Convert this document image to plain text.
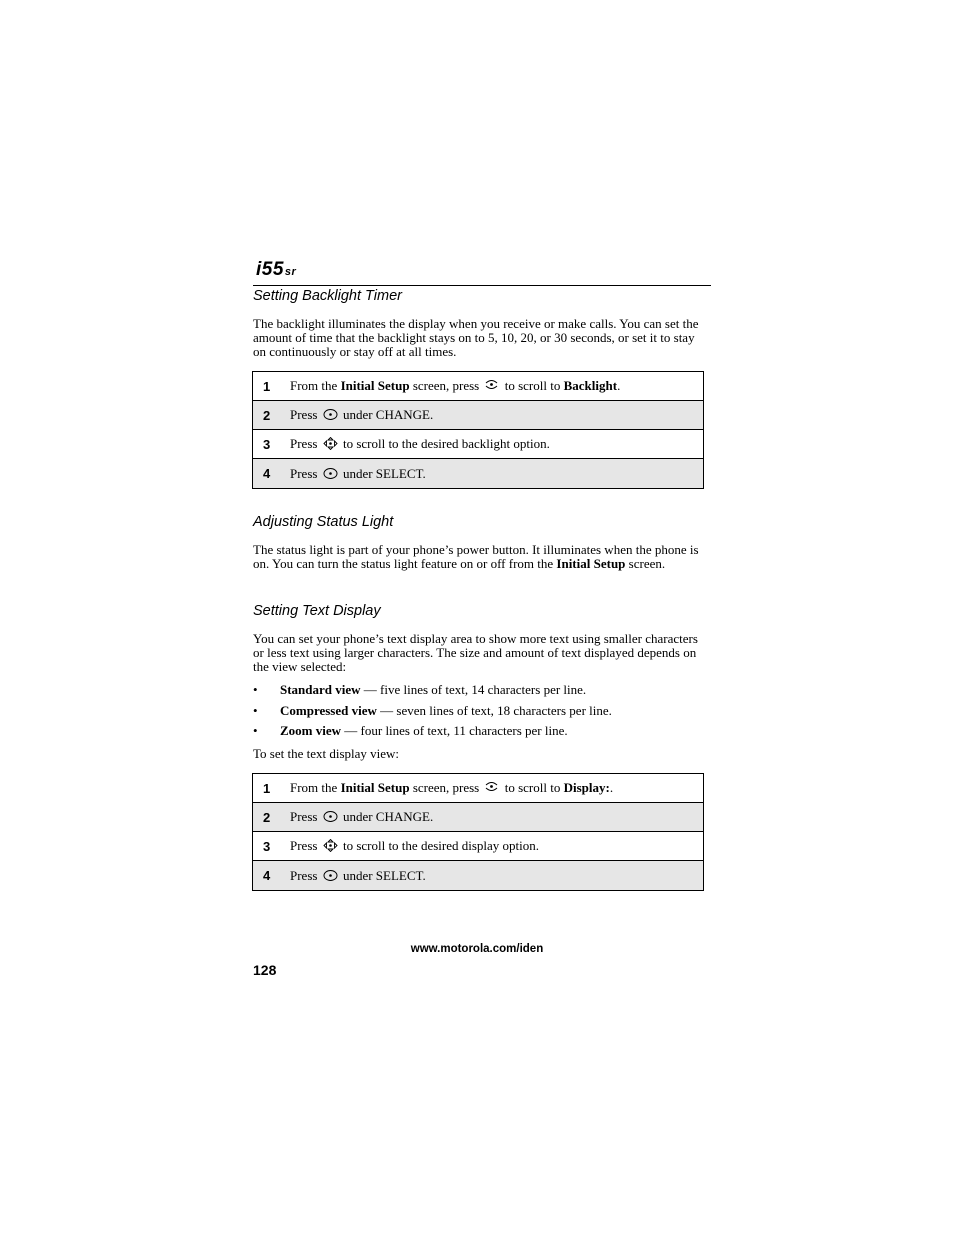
i55sr
Setting Backlight Timer
The backlight illuminates the display when you receive or make calls. You can set the amount of time that the backlight stays on to 5, 10, 20, or 30 seconds, or set it to stay on continuously or stay off at all times.
1	From the Initial Setup screen, press  to scroll to Backlight.
2	Press  under CHANGE.
3	Press  to scroll to the desired backlight option.
4	Press  under SELECT.
Adjusting Status Light
The status light is part of your phone’s power button. It illuminates when the phone is on. You can turn the status light feature on or off from the Initial Setup screen.
Setting Text Display
You can set your phone’s text display area to show more text using smaller characters or less text using larger characters. The size and amount of text displayed depends on the view selected:
•	Standard view — five lines of text, 14 characters per line.
•	Compressed view — seven lines of text, 18 characters per line.
•	Zoom view — four lines of text, 11 characters per line.
To set the text display view:
1	From the Initial Setup screen, press  to scroll to Display:.
2	Press  under CHANGE.
3	Press  to scroll to the desired display option.
4	Press  under SELECT.
www.motorola.com/iden
128
